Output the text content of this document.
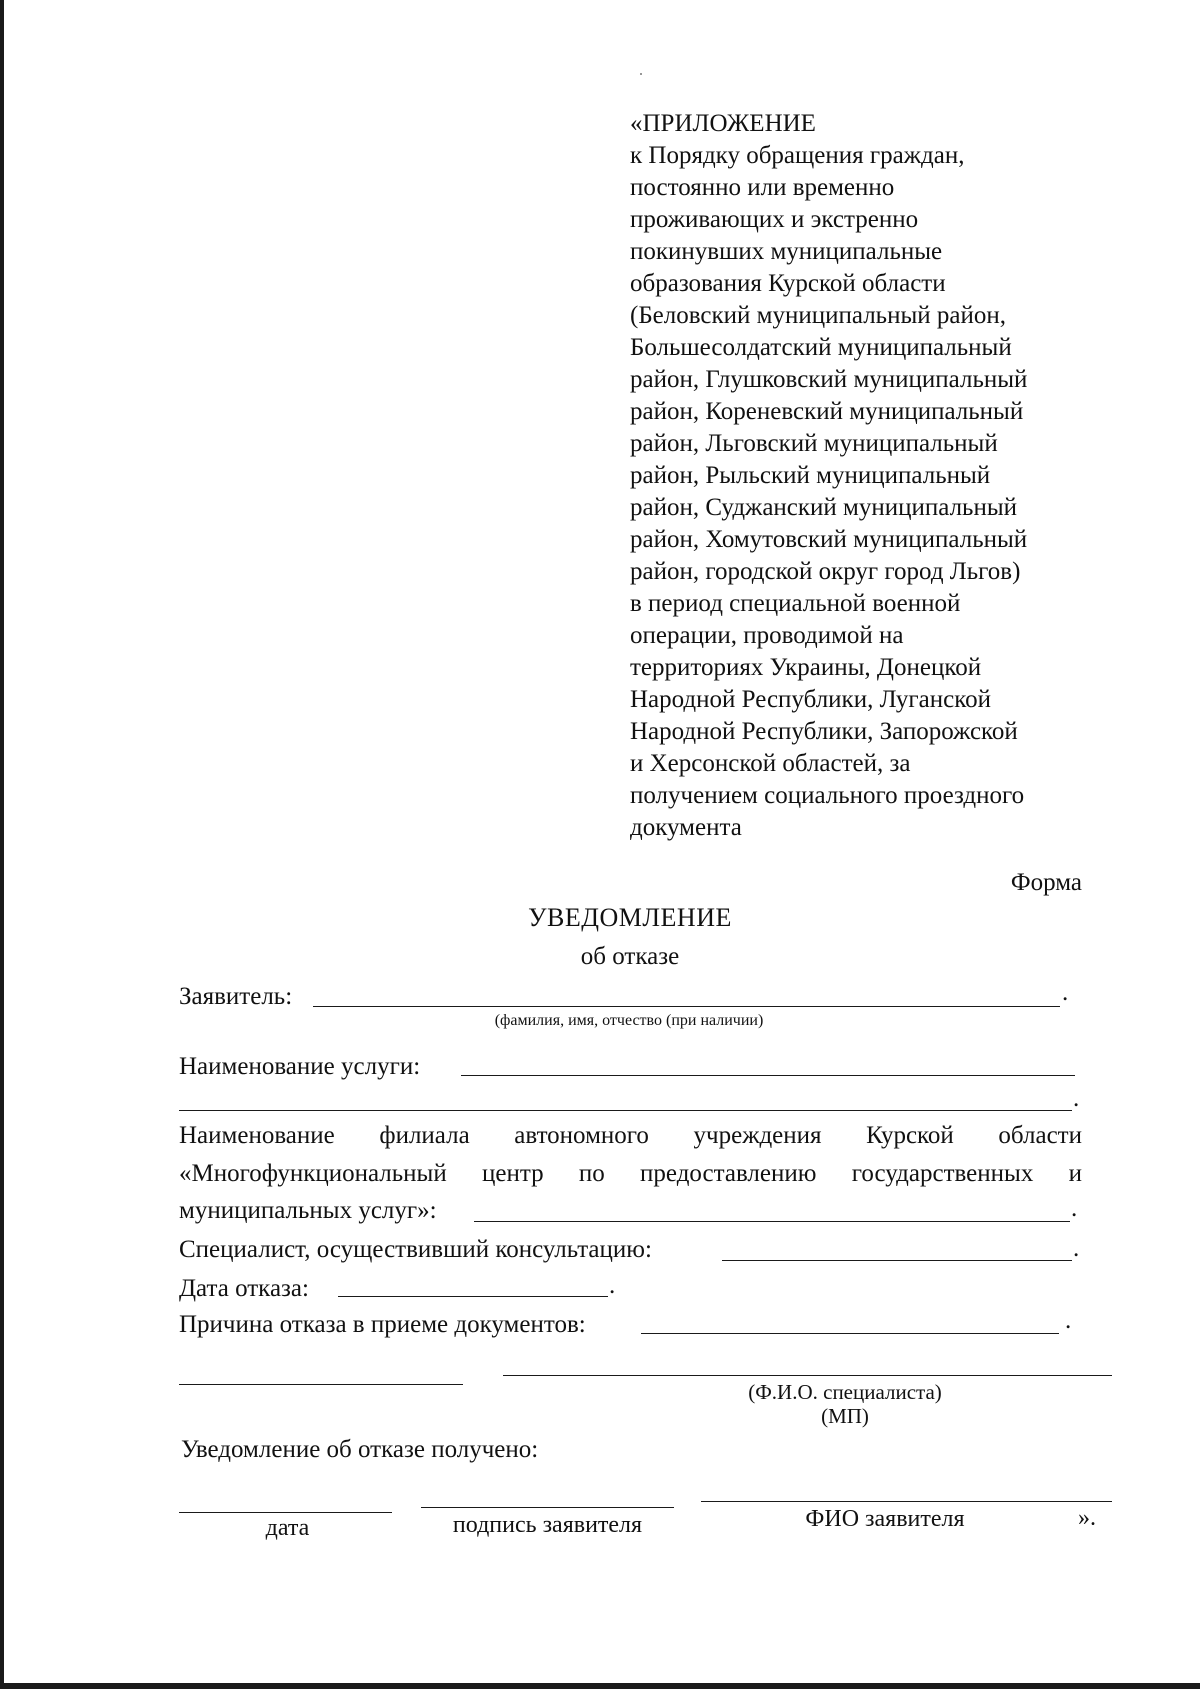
«ПРИЛОЖЕНИЕ
к Порядку обращения граждан,
постоянно или временно
проживающих и экстренно
покинувших муниципальные
образования Курской области
(Беловский муниципальный район,
Большесолдатский муниципальный
район, Глушковский муниципальный
район, Кореневский муниципальный
район, Льговский муниципальный
район, Рыльский муниципальный
район, Суджанский муниципальный
район, Хомутовский муниципальный
район, городской округ город Льгов)
в период специальной военной
операции, проводимой на
территориях Украины, Донецкой
Народной Республики, Луганской
Народной Республики, Запорожской
и Херсонской областей, за
получением социального проездного
документа
Форма
УВЕДОМЛЕНИЕ
об отказе
Заявитель:	.
(фамилия, имя, отчество (при наличии)
Наименование услуги:
.
Наименование филиала автономного учреждения Курской области
«Многофункциональный центр по предоставлению государственных и
муниципальных услуг»:	.
Специалист, осуществивший консультацию:	.
Дата отказа:	.
Причина отказа в приеме документов:	.
(Ф.И.О. специалиста)
(МП)
Уведомление об отказе получено:
дата	подпись заявителя	ФИО заявителя	».
